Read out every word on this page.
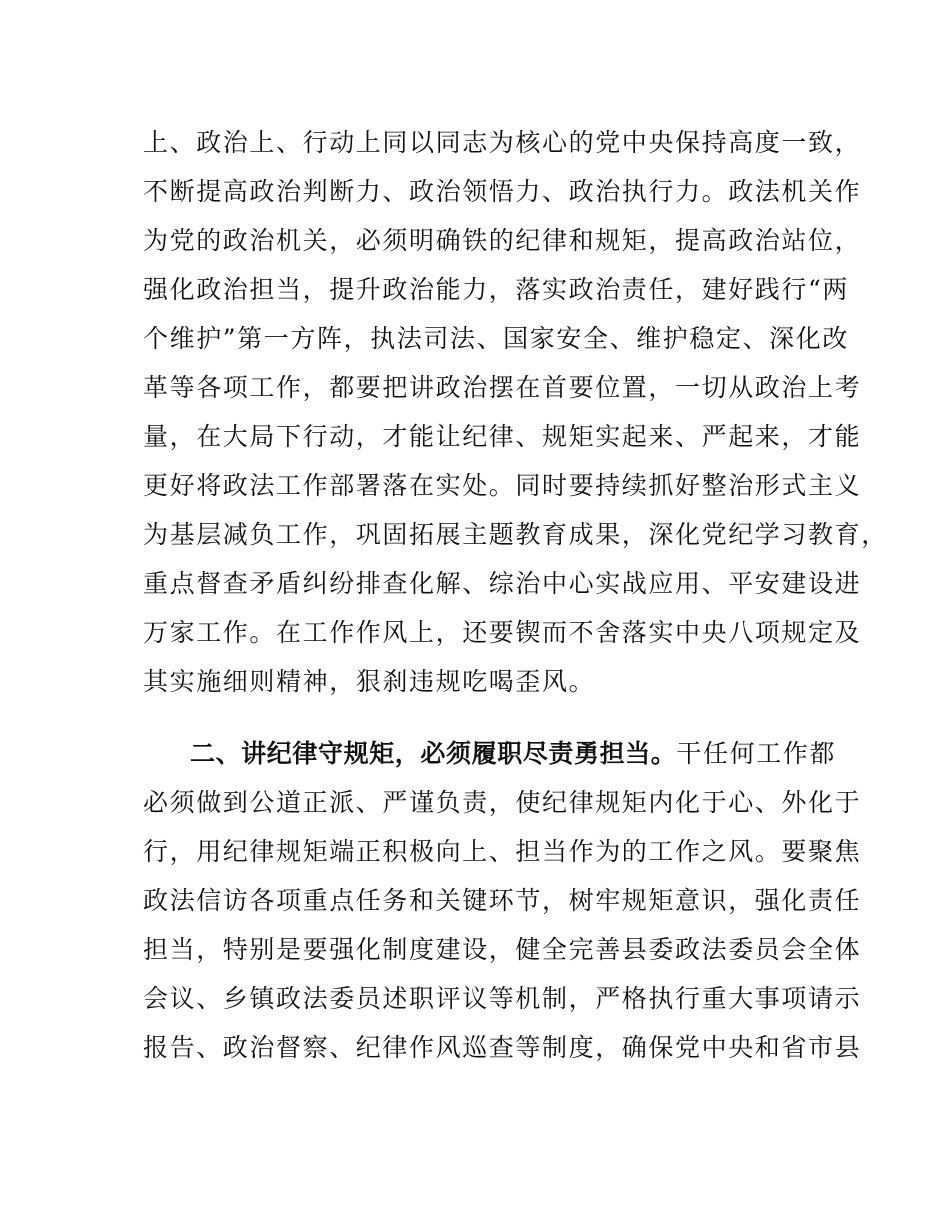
上、政治上、行动上同以同志为核心的党中央保持高度一致，
不断提高政治判断力、政治领悟力、政治执行力。政法机关作
为党的政治机关，必须明确铁的纪律和规矩，提高政治站位，
强化政治担当，提升政治能力，落实政治责任，建好践行“两
个维护”第一方阵，执法司法、国家安全、维护稳定、深化改
革等各项工作，都要把讲政治摆在首要位置，一切从政治上考
量，在大局下行动，才能让纪律、规矩实起来、严起来，才能
更好将政法工作部署落在实处。同时要持续抓好整治形式主义
为基层减负工作，巩固拓展主题教育成果，深化党纪学习教育，
重点督查矛盾纠纷排查化解、综治中心实战应用、平安建设进
万家工作。在工作作风上，还要锲而不舍落实中央八项规定及
其实施细则精神，狠刹违规吃喝歪风。
二、讲纪律守规矩，必须履职尽责勇担当。干任何工作都
必须做到公道正派、严谨负责，使纪律规矩内化于心、外化于
行，用纪律规矩端正积极向上、担当作为的工作之风。要聚焦
政法信访各项重点任务和关键环节，树牢规矩意识，强化责任
担当，特别是要强化制度建设，健全完善县委政法委员会全体
会议、乡镇政法委员述职评议等机制，严格执行重大事项请示
报告、政治督察、纪律作风巡查等制度，确保党中央和省市县
